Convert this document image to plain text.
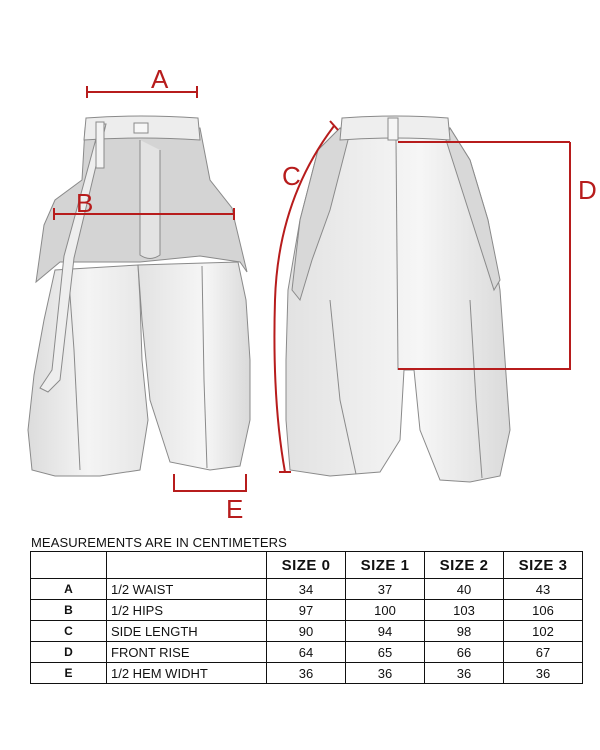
A
B
C	D
E
MEASUREMENTS ARE IN CENTIMETERS
		SIZE 0	SIZE 1	SIZE 2	SIZE 3
A	1/2 WAIST	34	37	40	43
B	1/2 HIPS	97	100	103	106
C	SIDE LENGTH	90	94	98	102
D	FRONT RISE	64	65	66	67
E	1/2 HEM WIDHT	36	36	36	36
